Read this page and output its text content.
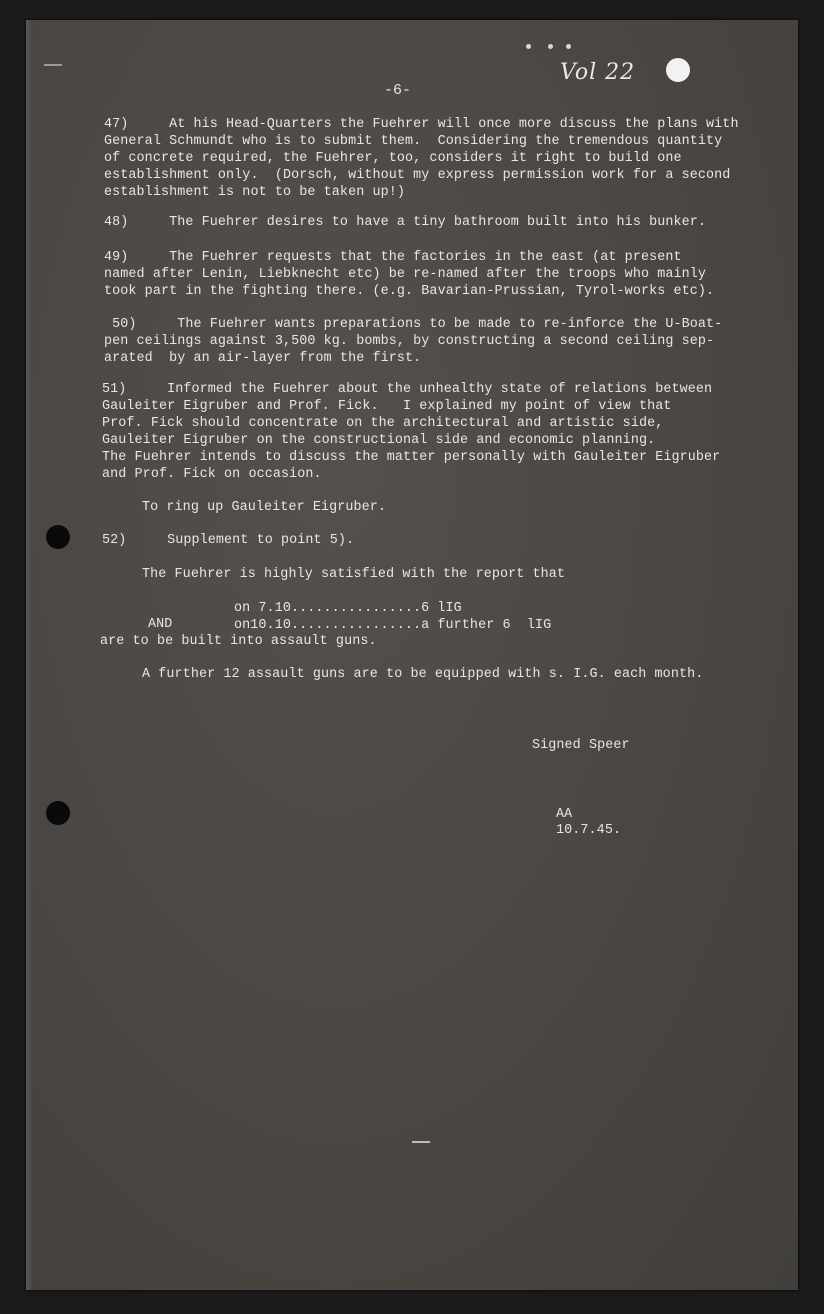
Vol 22
-6-
47)     At his Head-Quarters the Fuehrer will once more discuss the plans with
General Schmundt who is to submit them.  Considering the tremendous quantity
of concrete required, the Fuehrer, too, considers it right to build one
establishment only.  (Dorsch, without my express permission work for a second
establishment is not to be taken up!)
48)     The Fuehrer desires to have a tiny bathroom built into his bunker.
49)     The Fuehrer requests that the factories in the east (at present
named after Lenin, Liebknecht etc) be re-named after the troops who mainly
took part in the fighting there. (e.g. Bavarian-Prussian, Tyrol-works etc).
50)     The Fuehrer wants preparations to be made to re-inforce the U-Boat-
pen ceilings against 3,500 kg. bombs, by constructing a second ceiling sep-
arated  by an air-layer from the first.
51)     Informed the Fuehrer about the unhealthy state of relations between
Gauleiter Eigruber and Prof. Fick.   I explained my point of view that
Prof. Fick should concentrate on the architectural and artistic side,
Gauleiter Eigruber on the constructional side and economic planning.
The Fuehrer intends to discuss the matter personally with Gauleiter Eigruber
and Prof. Fick on occasion.
To ring up Gauleiter Eigruber.
52)     Supplement to point 5).
The Fuehrer is highly satisfied with the report that
on 7.10................6 lIG
AND	on10.10................a further 6  lIG
are to be built into assault guns.
A further 12 assault guns are to be equipped with s. I.G. each month.
Signed Speer
AA
10.7.45.
